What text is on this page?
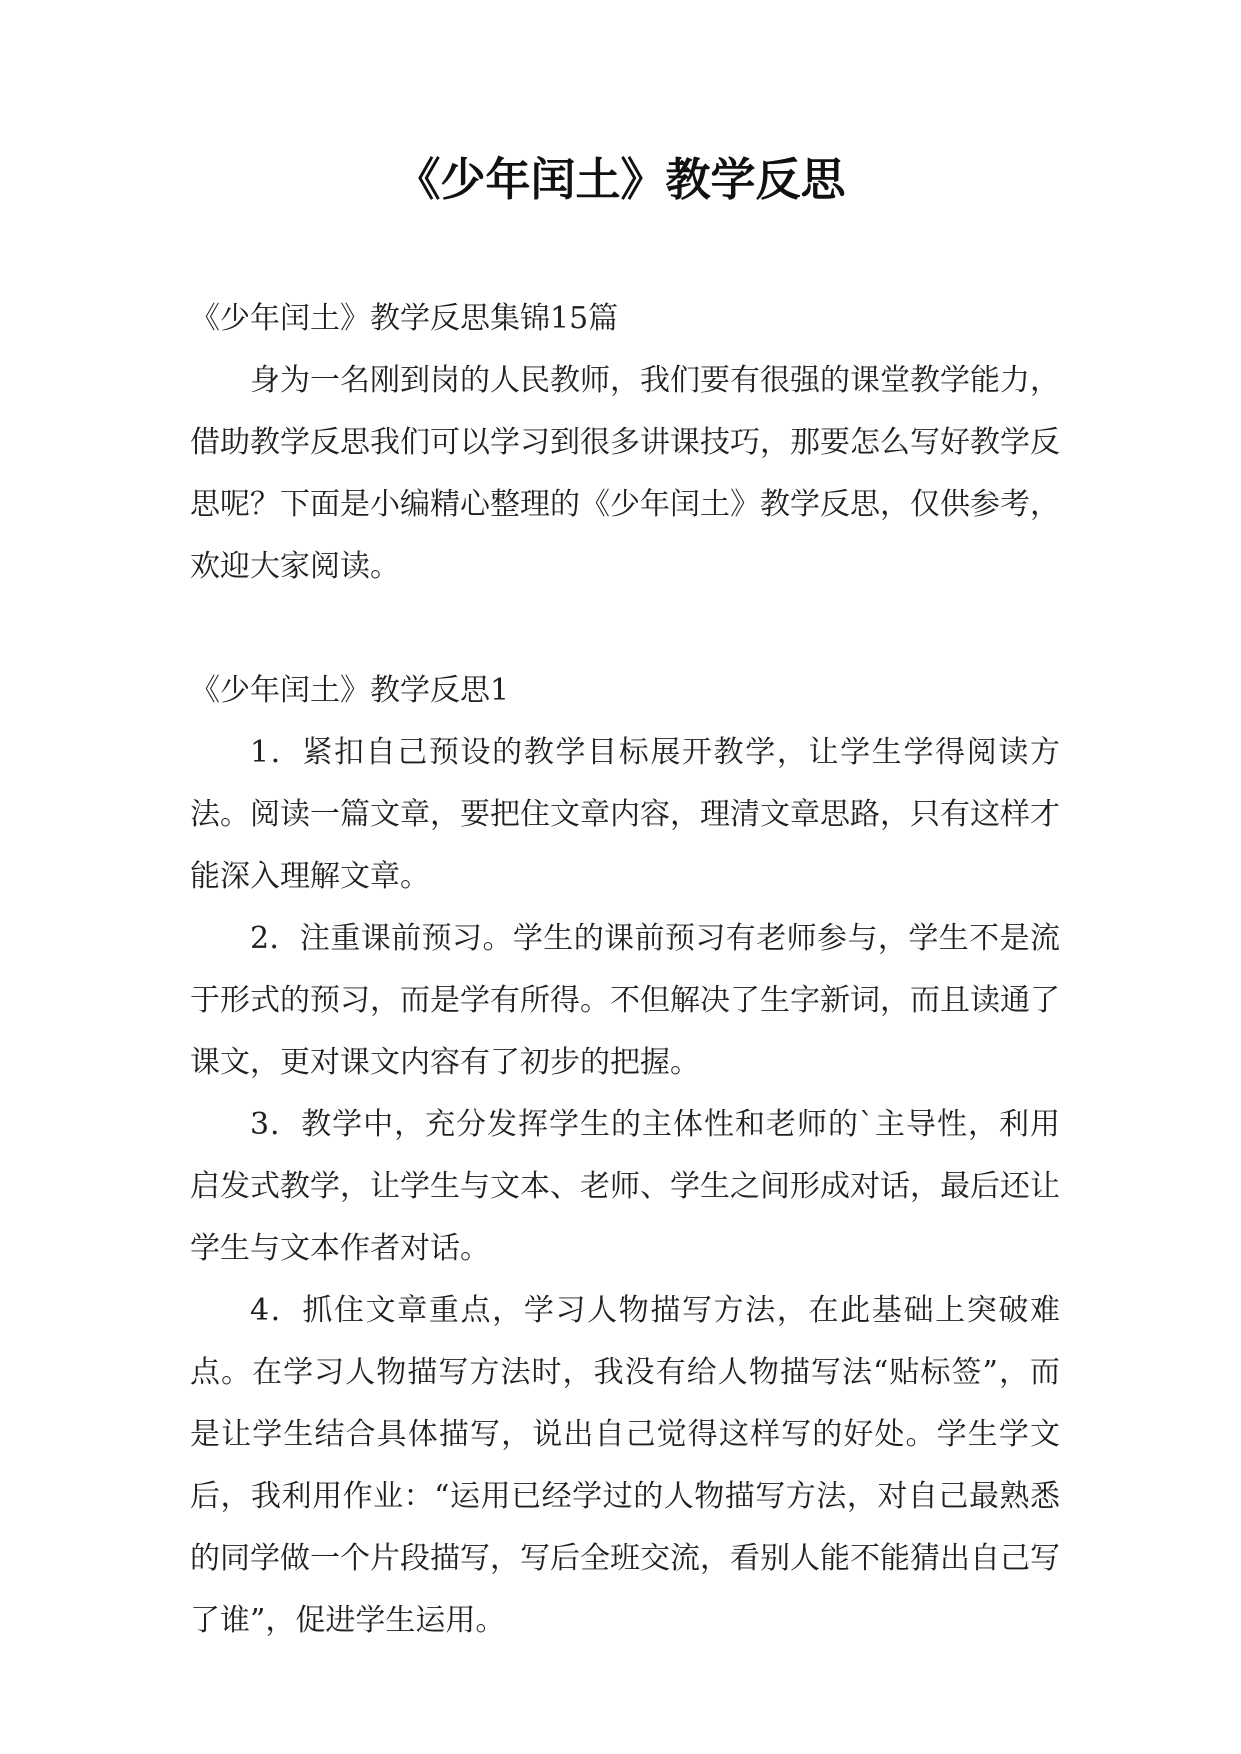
《少年闰土》教学反思

《少年闰土》教学反思集锦15篇

身为一名刚到岗的人民教师，我们要有很强的课堂教学能力，借助教学反思我们可以学习到很多讲课技巧，那要怎么写好教学反思呢？下面是小编精心整理的《少年闰土》教学反思，仅供参考，欢迎大家阅读。

《少年闰土》教学反思1

1．紧扣自己预设的教学目标展开教学，让学生学得阅读方法。阅读一篇文章，要把住文章内容，理清文章思路，只有这样才能深入理解文章。

2．注重课前预习。学生的课前预习有老师参与，学生不是流于形式的预习，而是学有所得。不但解决了生字新词，而且读通了课文，更对课文内容有了初步的把握。

3．教学中，充分发挥学生的主体性和老师的`主导性，利用启发式教学，让学生与文本、老师、学生之间形成对话，最后还让学生与文本作者对话。

4．抓住文章重点，学习人物描写方法，在此基础上突破难点。在学习人物描写方法时，我没有给人物描写法“贴标签”，而是让学生结合具体描写，说出自己觉得这样写的好处。学生学文后，我利用作业：“运用已经学过的人物描写方法，对自己最熟悉的同学做一个片段描写，写后全班交流，看别人能不能猜出自己写了谁”，促进学生运用。
